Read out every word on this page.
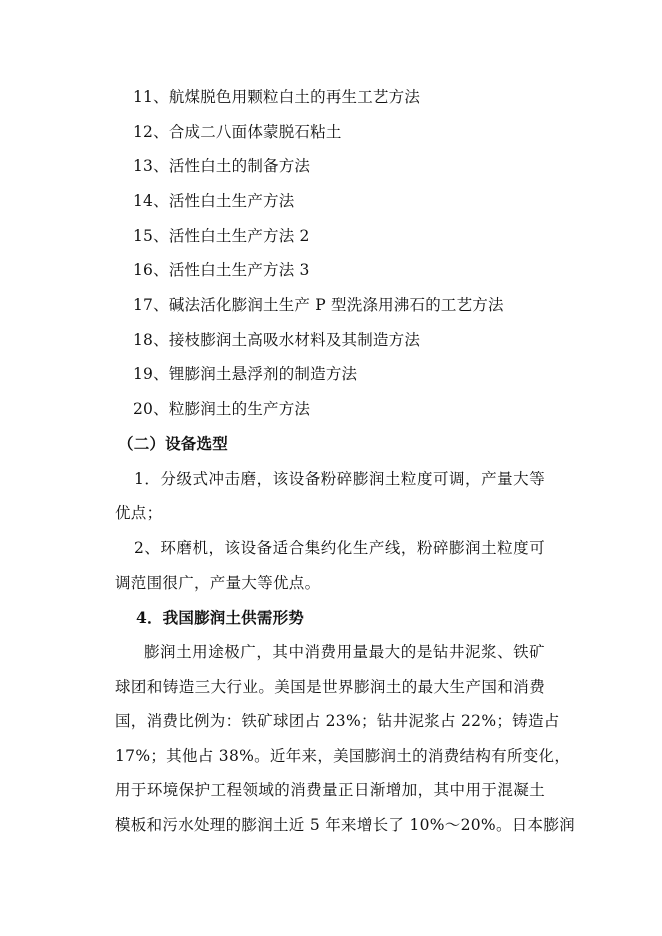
11、航煤脱色用颗粒白土的再生工艺方法
12、合成二八面体蒙脱石粘土
13、活性白土的制备方法
14、活性白土生产方法
15、活性白土生产方法 2
16、活性白土生产方法 3
17、碱法活化膨润土生产 P 型洗涤用沸石的工艺方法
18、接枝膨润土高吸水材料及其制造方法
19、锂膨润土悬浮剂的制造方法
20、粒膨润土的生产方法
（二）设备选型
1．分级式冲击磨，该设备粉碎膨润土粒度可调，产量大等
优点；
2、环磨机，该设备适合集约化生产线，粉碎膨润土粒度可
调范围很广，产量大等优点。
4．我国膨润土供需形势
膨润土用途极广，其中消费用量最大的是钻井泥浆、铁矿
球团和铸造三大行业。美国是世界膨润土的最大生产国和消费
国，消费比例为：铁矿球团占 23%；钻井泥浆占 22%；铸造占
17%；其他占 38%。近年来，美国膨润土的消费结构有所变化，
用于环境保护工程领域的消费量正日渐增加，其中用于混凝土
模板和污水处理的膨润土近 5 年来增长了 10%～20%。日本膨润
